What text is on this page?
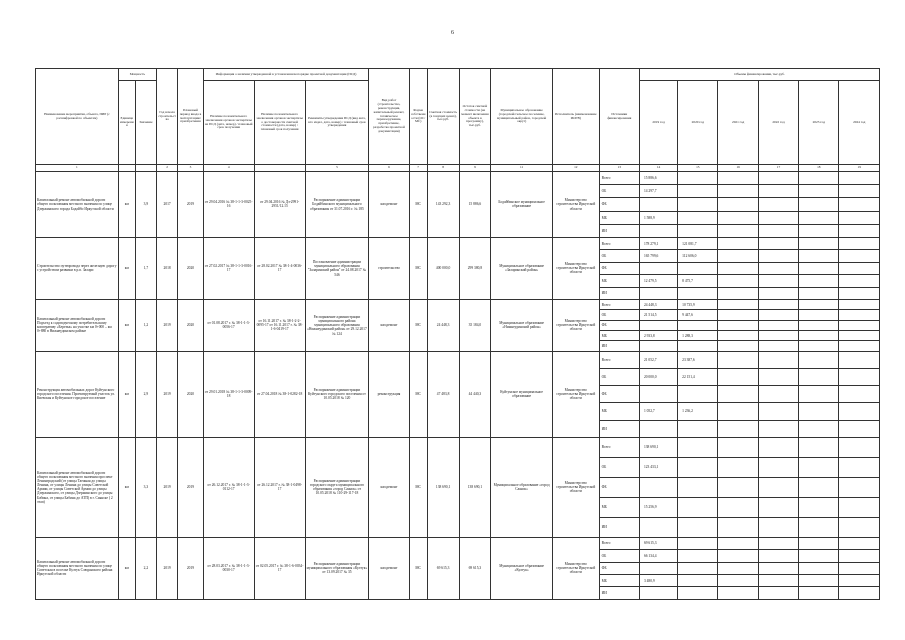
6
Наименование мероприятия, объекта, ПИР (с расшифровкой по объектам)	Мощность		Год начала строительства	Плановый период ввода в эксплуатацию/приобретения	Информация о наличии утвержденной в установленном порядке проектной документации (ПСД)			Вид работ (строительство, реконструкция, капитальный ремонт, техническое перевооружение, приобретение, разработка проектной документации)	Форма собственности (ОС/МС)	Сметная стоимость (в текущих ценах), тыс.руб.	Остаток сметной стоимости (на момент включения объекта в программу), тыс.руб.	Муниципальное образование (городской/сельское поселение, муниципальный район, городской округ)	Исполнитель (наименование ИОГВ)	Источники финансирования	Объемы финансирования, тыс.руб.					
	Единица измерения	Значение			Наличие положительного заключения органов экспертизы на ПСД (дата, номер) / плановый срок получения	Наличие положительного заключения органов экспертизы о достоверности сметной стоимости (дата, номер) / плановый срок получения	Реквизиты утверждения ПСД (вид акта, кто издал, дата, номер) / плановый срок утверждения								2019 год	2020 год	2021 год	2022 год	2023 год	2024 год

1			2	3	4		5	6	7	8	9	11	12	13	14	15	16	17	18	19
Капитальный ремонт автомобильной дороги общего пользования местного значения по улице Дзержинского города Бодайбо Иркутской области	км	3,9	2017	2019	от 29.04.2016 № 38-1-1-3-0025-16	от 29.04.2016 № Дз-2991-2951/12.15	Распоряжение администрации Бодайбинского муниципального образования от 31.07.2016 г. № 185	кап.ремонт	МС	143 292,3	15 886,6	Бодайбинское муниципальное образование	Министерство строительства Иркутской области	Всего	15 886,6					
														ОБ	14 297,7					
														ФБ						
														МБ	1 588,9					
														ИИ						
Строительство путепровода через железную дорогу с устройством развязки в р.п. Залари	км	1,7	2018	2020	от 27.02.2017 № 38-1-1-3-0016-17	от 28.02.2017 № 38-1-4-0036-17	Постановление администрации муниципального образования "Заларинский район" от 24.08.2017 № 546	строительство	МС	400 000,0	299 380,8	Муниципальное образование «Заларинский район»	Министерство строительства Иркутской области	Всего	178 279,1	121 081,7				
														ОБ	165 799,6	112 606,0				
														ФБ						
														МБ	12 479,5	8 475,7				
														ИИ						
Капитальный ремонт автомобильной дороги Подъезд к садоводческому потребительскому кооперативу «Березка» на участке км 0+000 – км 0+880 в Нижнеудинском районе	км	1,2	2019	2020	от 01.08.2017 г. № 38-1-1-3-0056-17	от 16.11.2017 г. № 38-1-2-2-0095-17 от 16.11.2017 г. № 38-1-6-0419-17	Распоряжение администрации муниципального района муниципального образования «Нижнеудинский район» от 29.12.2017 № 124	кап.ремонт	МС	24 448,3	35 184,0	Муниципальное образование «Нижнеудинский район»	Министерство строительства Иркутской области	Всего	24 448,3	10 735,9				
														ОБ	21 514,5	9 447,6				
														ФБ						
														МБ	2 933,8	1 288,3				
														ИИ						
Реконструкция автомобильных дорог Куйтунского городского поселения. Проектируемый участок ул. Киевская и Куйтунское городское поселение	км	2,9	2019	2020	от 29.01.2018 № 38-1-1-3-0009-18	от 27.04.2018 № 38-1-0282-18	Распоряжение администрации Куйтунского городского поселения от 10.05.2018 № 120	реконструкция	МС	47 483,8	44 440,3	Куйтунское муниципальное образование	Министерство строительства Иркутской области	Всего	21 052,7	23 387,6				
														ОБ	20 000,0	22 151,4				
														ФБ						
														МБ	1 052,7	1 236,2				
														ИИ						
Капитальный ремонт автомобильной дороги общего пользования местного значения проспект Ленинградский (от улицы Таежная до улицы Ленина, от улицы Ленина до улицы Советской Армии, от улицы Советской Армии до улицы Дзержинского, от улицы Дзержинского до улицы Бабина, от улицы Бабина до АТП) в г. Саянске ( 2 этап)	км	3,3	2019	2019	от 26.12.2017 г. № 38-1-1-3-0112-17	от 26.12.2017 г. № 38-1-0498-17	Распоряжение администрации городского округа муниципального образования «город Саянск» от 10.05.2018 № 110-29-117-18	кап.ремонт	МС	138 690,1	138 690,1	Муниципальное образование «город Саянск»	Министерство строительства Иркутской области	Всего	138 690,1					
														ОБ	123 433,1					
														ФБ						
														МБ	15 256,9					
														ИИ						
Капитальный ремонт автомобильной дороги общего пользования местного значения по улице Советская в поселке Култук Слюдянского района Иркутской области	км	2,2	2019	2019	от 28.03.2017 г. № 38-1-1-3-0030-17	от 02.05.2017 г. № 38-1-6-0034-17	Распоряжение администрации муниципального образования «Култук» от 13.09.2017 № 35	кап.ремонт	МС	69 615,3	69 615,3	Муниципальное образование «Култук»	Министерство строительства Иркутской области	Всего	69 615,3					
														ОБ	66 134,4					
														ФБ						
														МБ	3 480,9					
														ИИ						
